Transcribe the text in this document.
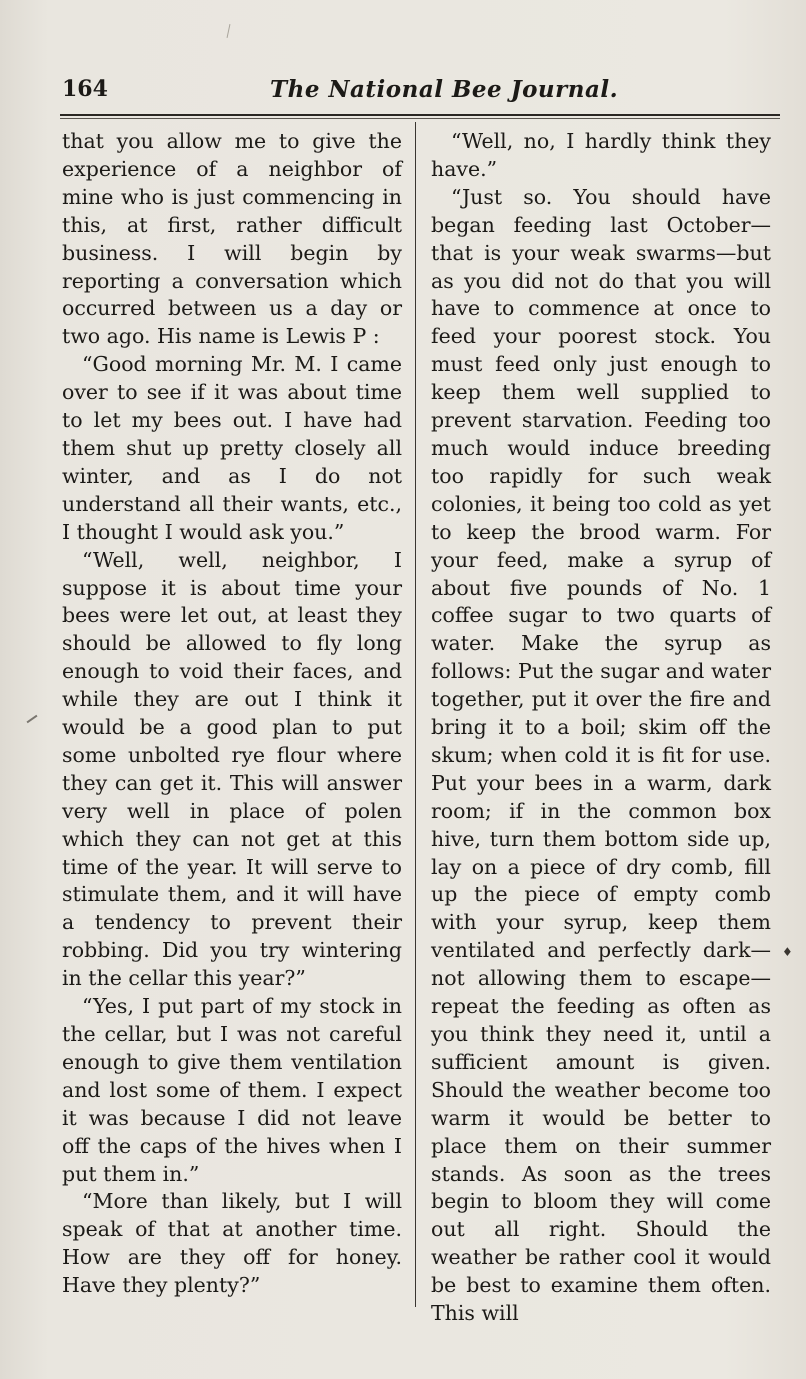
164	The National Bee Journal.

that you allow me to give the experience of a neighbor of mine who is just commencing in this, at first, rather difficult business. I will begin by reporting a conversation which occurred between us a day or two ago. His name is Lewis P :

“Good morning Mr. M. I came over to see if it was about time to let my bees out. I have had them shut up pretty closely all winter, and as I do not understand all their wants, etc., I thought I would ask you.”

“Well, well, neighbor, I suppose it is about time your bees were let out, at least they should be allowed to fly long enough to void their faces, and while they are out I think it would be a good plan to put some unbolted rye flour where they can get it. This will answer very well in place of polen which they can not get at this time of the year. It will serve to stimulate them, and it will have a tendency to prevent their robbing. Did you try wintering in the cellar this year?”

“Yes, I put part of my stock in the cellar, but I was not careful enough to give them ventilation and lost some of them. I expect it was because I did not leave off the caps of the hives when I put them in.”

“More than likely, but I will speak of that at another time. How are they off for honey. Have they plenty?”

“Well, no, I hardly think they have.”

“Just so. You should have began feeding last October—that is your weak swarms—but as you did not do that you will have to commence at once to feed your poorest stock. You must feed only just enough to keep them well supplied to prevent starvation. Feeding too much would induce breeding too rapidly for such weak colonies, it being too cold as yet to keep the brood warm. For your feed, make a syrup of about five pounds of No. 1 coffee sugar to two quarts of water. Make the syrup as follows: Put the sugar and water together, put it over the fire and bring it to a boil; skim off the skum; when cold it is fit for use. Put your bees in a warm, dark room; if in the common box hive, turn them bottom side up, lay on a piece of dry comb, fill up the piece of empty comb with your syrup, keep them ventilated and perfectly dark—not allowing them to escape—repeat the feeding as often as you think they need it, until a sufficient amount is given. Should the weather become too warm it would be better to place them on their summer stands. As soon as the trees begin to bloom they will come out all right. Should the weather be rather cool it would be best to examine them often. This will

♦
